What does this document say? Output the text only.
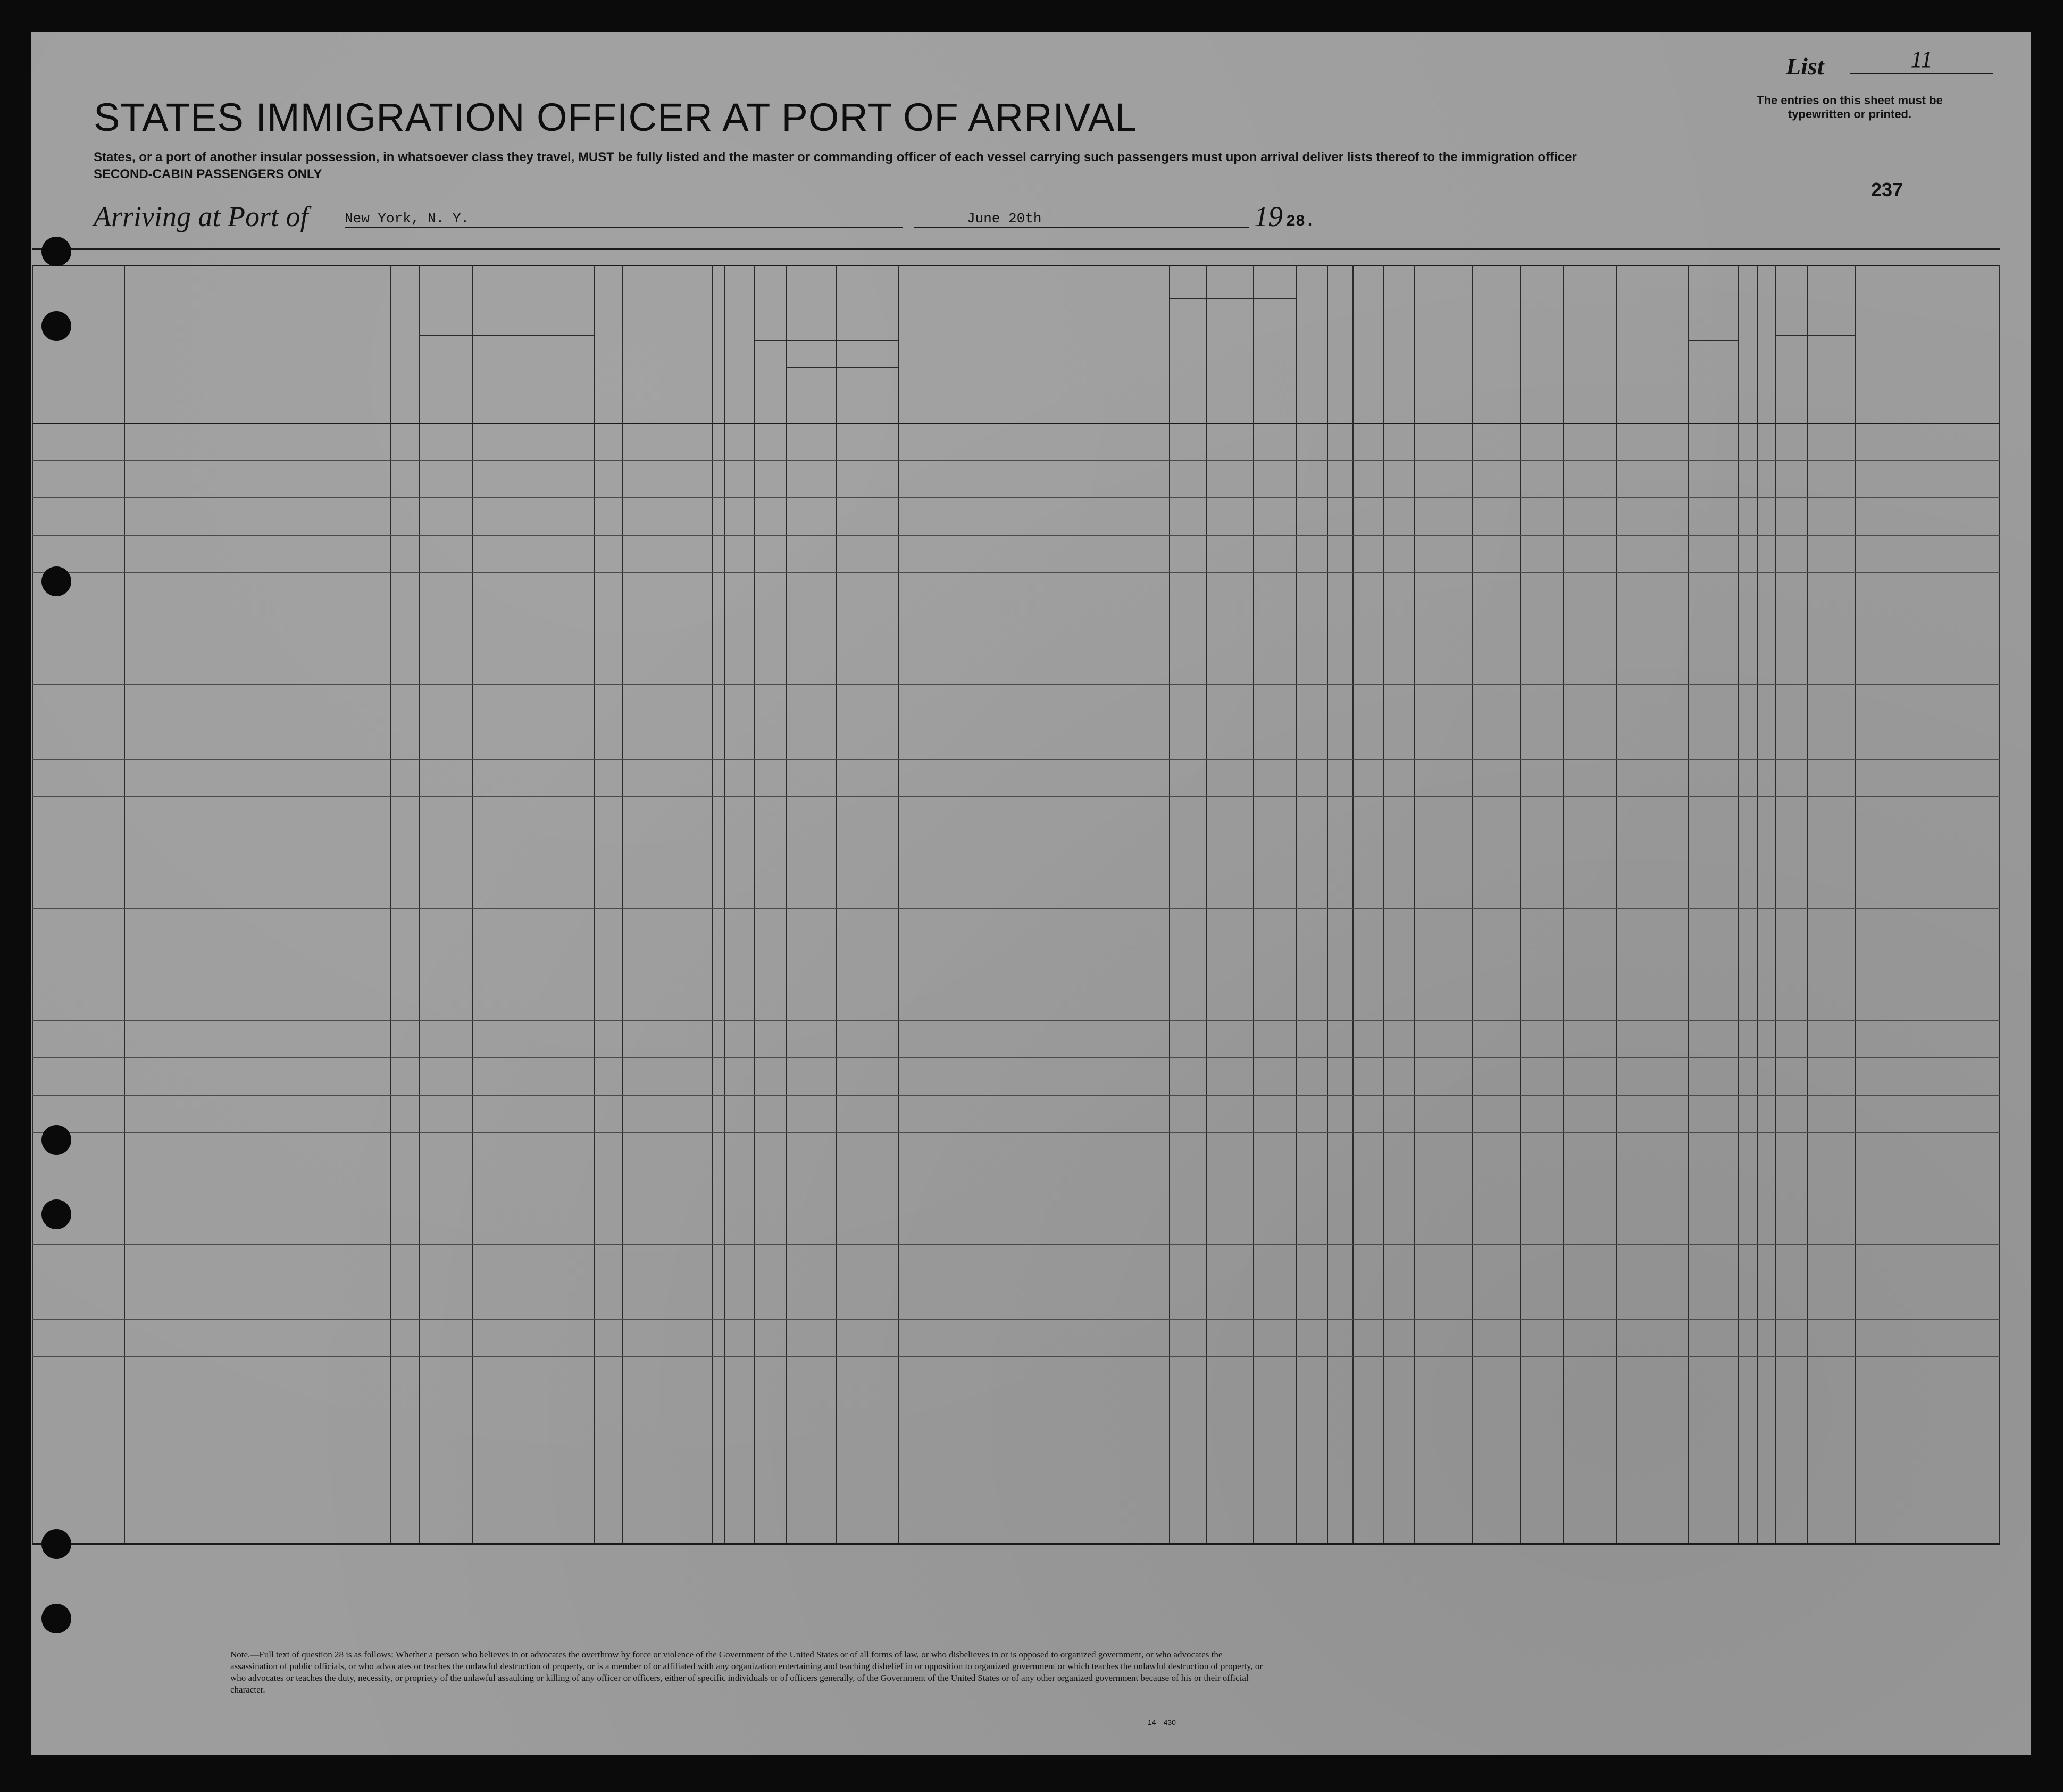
List	11
The entries on this sheet must be typewritten or printed.
237
STATES IMMIGRATION OFFICER AT PORT OF ARRIVAL
States, or a port of another insular possession, in whatsoever class they travel, MUST be fully listed and the master or commanding officer of each vessel carrying such passengers must upon arrival deliver lists thereof to the immigration officer
SECOND-CABIN PASSENGERS ONLY
Arriving at Port of	New York, N. Y.	June 20th	19 28.
Note.—Full text of question 28 is as follows: Whether a person who believes in or advocates the overthrow by force or violence of the Government of the United States or of all forms of law, or who disbelieves in or is opposed to organized government, or who advocates the assassination of public officials, or who advocates or teaches the unlawful destruction of property, or is a member of or affiliated with any organization entertaining and teaching disbelief in or opposition to organized government or which teaches the unlawful destruction of property, or who advocates or teaches the duty, necessity, or propriety of the unlawful assaulting or killing of any officer or officers, either of specific individuals or of officers generally, of the Government of the United States or of any other organized government because of his or their official character.
14—430
